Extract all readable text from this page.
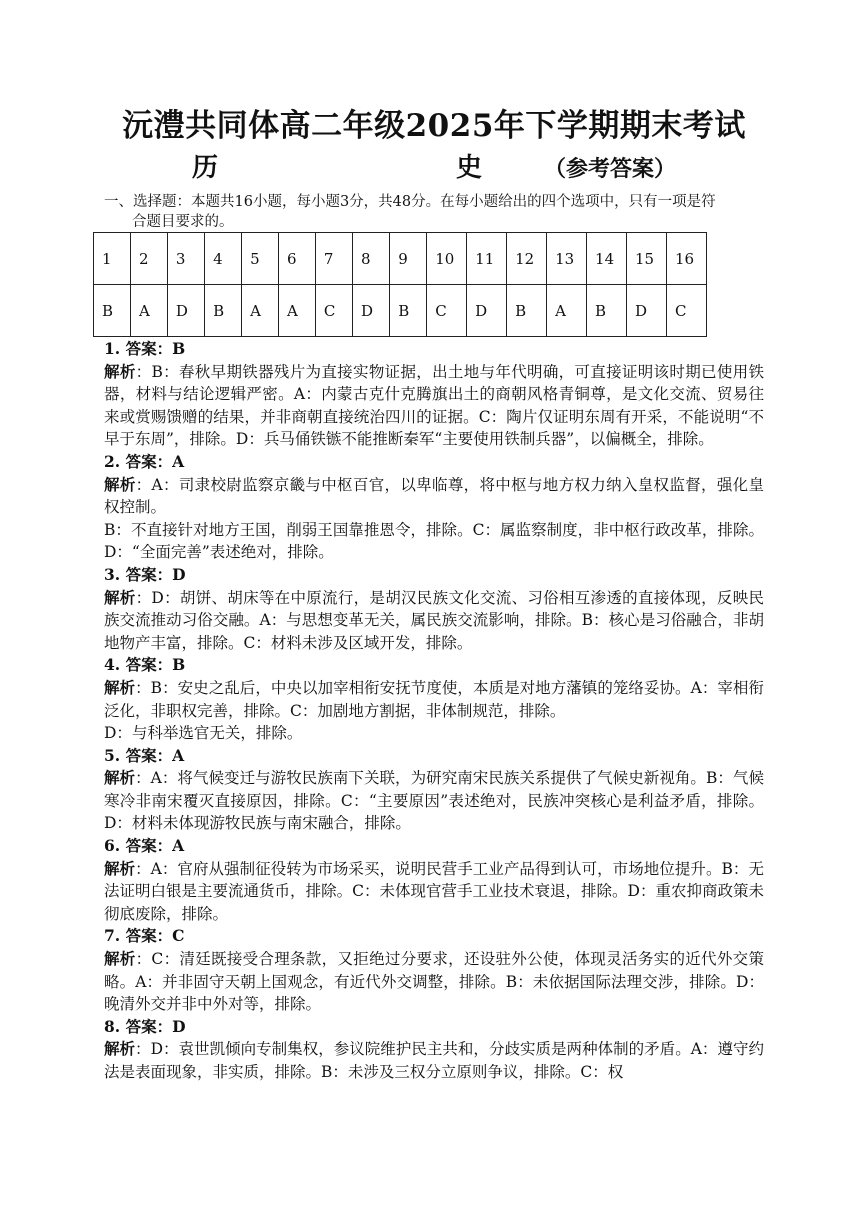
沅澧共同体高二年级2025年下学期期末考试
历　　史（参考答案）
一、选择题：本题共16小题，每小题3分，共48分。在每小题给出的四个选项中，只有一项是符
合题目要求的。
1	2	3	4	5	6	7	8	9	10	11	12	13	14	15	16
B	A	D	B	A	A	C	D	B	C	D	B	A	B	D	C

1. 答案：B

解析：B：春秋早期铁器残片为直接实物证据，出土地与年代明确，可直接证明该时期已使用铁器，材料与结论逻辑严密。A：内蒙古克什克腾旗出土的商朝风格青铜尊，是文化交流、贸易往来或赏赐馈赠的结果，并非商朝直接统治四川的证据。C：陶片仅证明东周有开采，不能说明“不早于东周”，排除。D：兵马俑铁镞不能推断秦军“主要使用铁制兵器”，以偏概全，排除。

2. 答案：A

解析：A：司隶校尉监察京畿与中枢百官，以卑临尊，将中枢与地方权力纳入皇权监督，强化皇权控制。

B：不直接针对地方王国，削弱王国靠推恩令，排除。C：属监察制度，非中枢行政改革，排除。D：“全面完善”表述绝对，排除。

3. 答案：D

解析：D：胡饼、胡床等在中原流行，是胡汉民族文化交流、习俗相互渗透的直接体现，反映民族交流推动习俗交融。A：与思想变革无关，属民族交流影响，排除。B：核心是习俗融合，非胡地物产丰富，排除。C：材料未涉及区域开发，排除。

4. 答案：B

解析：B：安史之乱后，中央以加宰相衔安抚节度使，本质是对地方藩镇的笼络妥协。A：宰相衔泛化，非职权完善，排除。C：加剧地方割据，非体制规范，排除。

D：与科举选官无关，排除。

5. 答案：A

解析：A：将气候变迁与游牧民族南下关联，为研究南宋民族关系提供了气候史新视角。B：气候寒冷非南宋覆灭直接原因，排除。C：“主要原因”表述绝对，民族冲突核心是利益矛盾，排除。D：材料未体现游牧民族与南宋融合，排除。

6. 答案：A

解析：A：官府从强制征役转为市场采买，说明民营手工业产品得到认可，市场地位提升。B：无法证明白银是主要流通货币，排除。C：未体现官营手工业技术衰退，排除。D：重农抑商政策未彻底废除，排除。

7. 答案：C

解析：C：清廷既接受合理条款，又拒绝过分要求，还设驻外公使，体现灵活务实的近代外交策略。A：并非固守天朝上国观念，有近代外交调整，排除。B：未依据国际法理交涉，排除。D：晚清外交并非中外对等，排除。

8. 答案：D

解析：D：袁世凯倾向专制集权，参议院维护民主共和，分歧实质是两种体制的矛盾。A：遵守约法是表面现象，非实质，排除。B：未涉及三权分立原则争议，排除。C：权
